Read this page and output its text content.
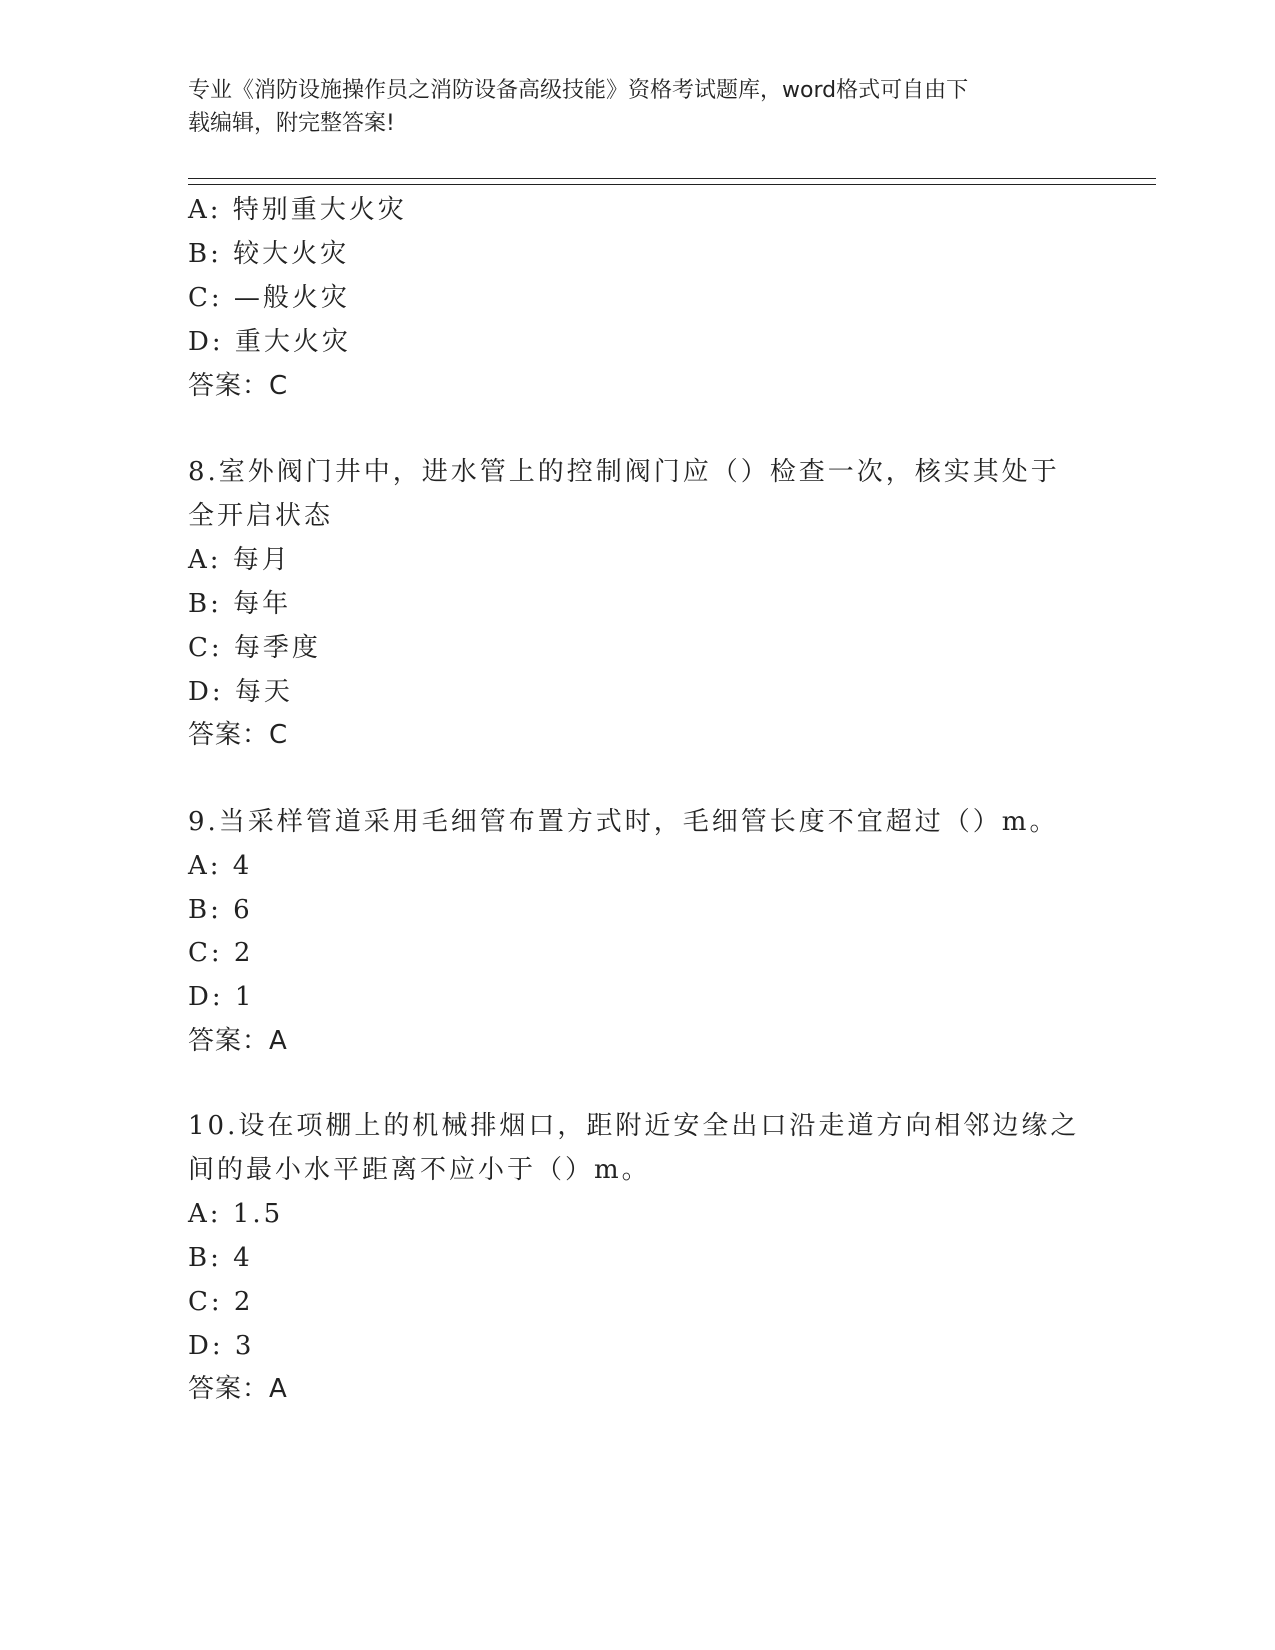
专业《消防设施操作员之消防设备高级技能》资格考试题库，word格式可自由下
载编辑，附完整答案!
A: 特别重大火灾
B: 较大火灾
C: —般火灾
D: 重大火灾
答案：C
8.室外阀门井中，进水管上的控制阀门应（）检查一次，核实其处于
全开启状态
A: 每月
B: 每年
C: 每季度
D: 每天
答案：C
9.当采样管道采用毛细管布置方式时，毛细管长度不宜超过（）m。
A: 4
B: 6
C: 2
D: 1
答案：A
10.设在项棚上的机械排烟口，距附近安全出口沿走道方向相邻边缘之
间的最小水平距离不应小于（）m。
A: 1.5
B: 4
C: 2
D: 3
答案：A
